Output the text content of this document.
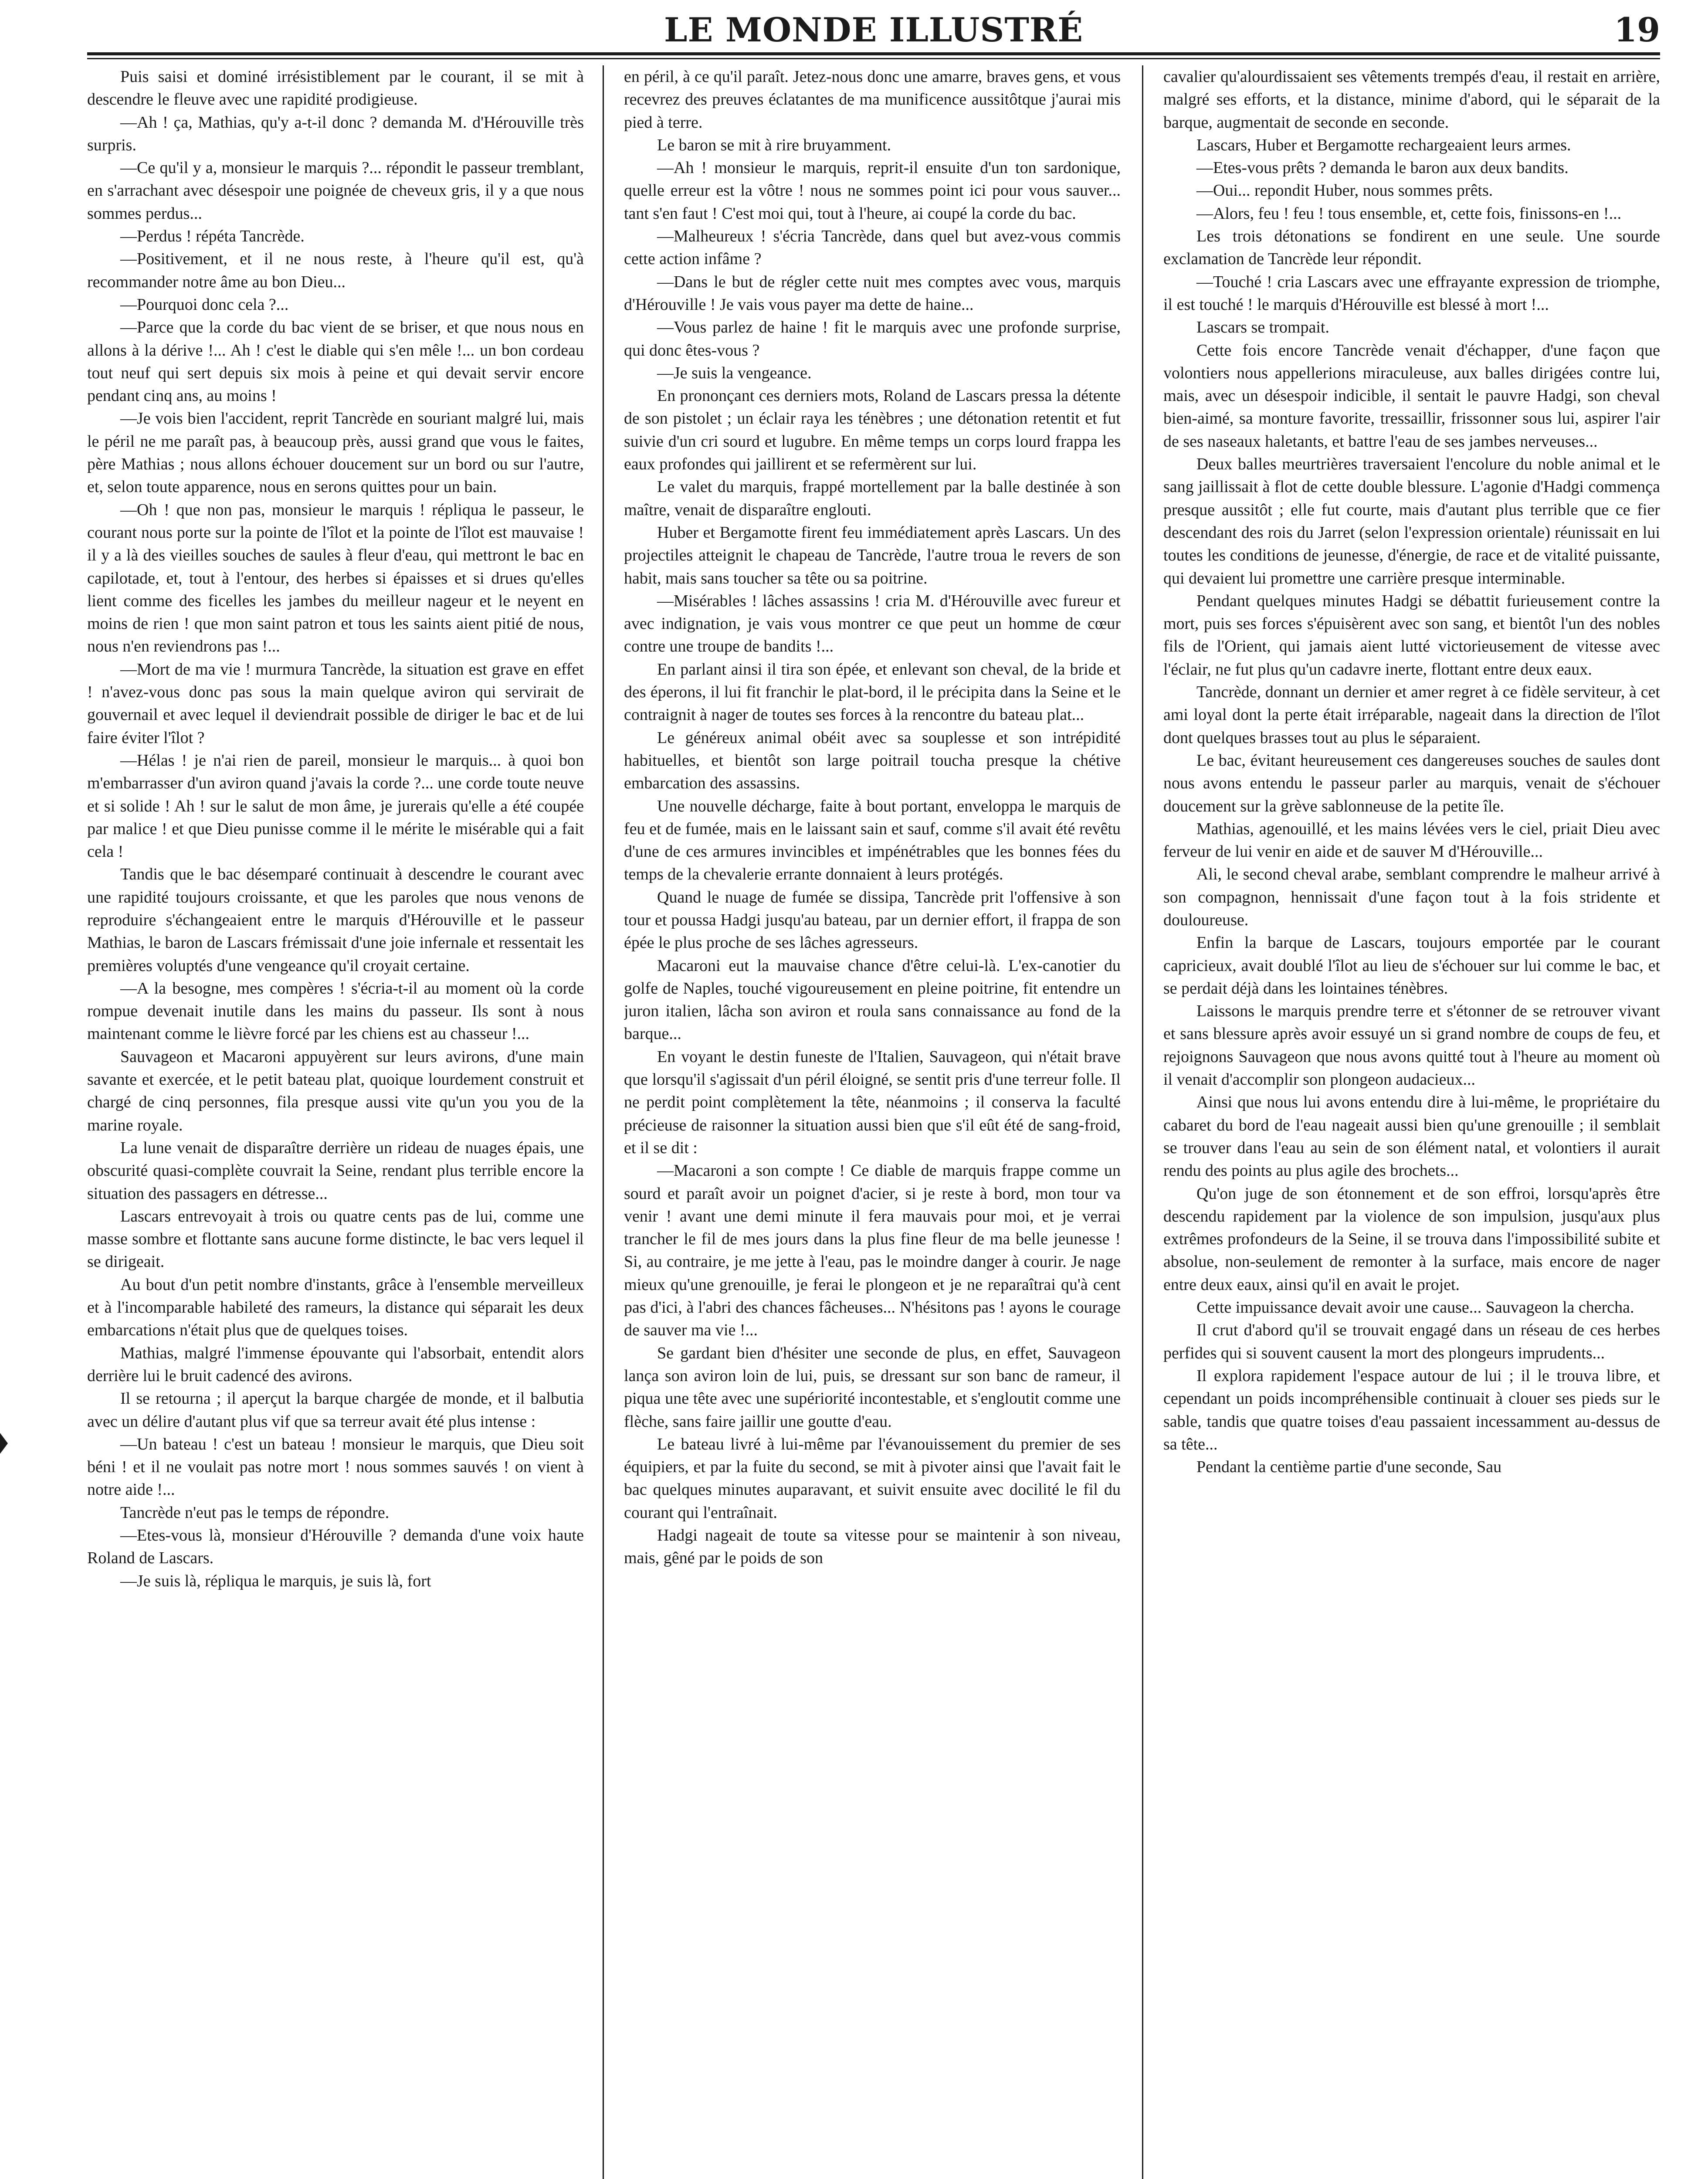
LE MONDE ILLUSTRÉ	19

Puis saisi et dominé irrésistiblement par le courant, il se mit à descendre le fleuve avec une rapidité prodigieuse.

—Ah ! ça, Mathias, qu'y a-t-il donc ? demanda M. d'Hérouville très surpris.

—Ce qu'il y a, monsieur le marquis ?... répondit le passeur tremblant, en s'arrachant avec désespoir une poignée de cheveux gris, il y a que nous sommes perdus...

—Perdus ! répéta Tancrède.

—Positivement, et il ne nous reste, à l'heure qu'il est, qu'à recommander notre âme au bon Dieu...

—Pourquoi donc cela ?...

—Parce que la corde du bac vient de se briser, et que nous nous en allons à la dérive !... Ah ! c'est le diable qui s'en mêle !... un bon cordeau tout neuf qui sert depuis six mois à peine et qui devait servir encore pendant cinq ans, au moins !

—Je vois bien l'accident, reprit Tancrède en souriant malgré lui, mais le péril ne me paraît pas, à beaucoup près, aussi grand que vous le faites, père Mathias ; nous allons échouer doucement sur un bord ou sur l'autre, et, selon toute apparence, nous en serons quittes pour un bain.

—Oh ! que non pas, monsieur le marquis ! répliqua le passeur, le courant nous porte sur la pointe de l'îlot et la pointe de l'îlot est mauvaise ! il y a là des vieilles souches de saules à fleur d'eau, qui mettront le bac en capilotade, et, tout à l'entour, des herbes si épaisses et si drues qu'elles lient comme des ficelles les jambes du meilleur nageur et le neyent en moins de rien ! que mon saint patron et tous les saints aient pitié de nous, nous n'en reviendrons pas !...

—Mort de ma vie ! murmura Tancrède, la situation est grave en effet ! n'avez-vous donc pas sous la main quelque aviron qui servirait de gouvernail et avec lequel il deviendrait possible de diriger le bac et de lui faire éviter l'îlot ?

—Hélas ! je n'ai rien de pareil, monsieur le marquis... à quoi bon m'embarrasser d'un aviron quand j'avais la corde ?... une corde toute neuve et si solide ! Ah ! sur le salut de mon âme, je jurerais qu'elle a été coupée par malice ! et que Dieu punisse comme il le mérite le misérable qui a fait cela !

Tandis que le bac désemparé continuait à descendre le courant avec une rapidité toujours croissante, et que les paroles que nous venons de reproduire s'échangeaient entre le marquis d'Hérouville et le passeur Mathias, le baron de Lascars frémissait d'une joie infernale et ressentait les premières voluptés d'une vengeance qu'il croyait certaine.

—A la besogne, mes compères ! s'écria-t-il au moment où la corde rompue devenait inutile dans les mains du passeur. Ils sont à nous maintenant comme le lièvre forcé par les chiens est au chasseur !...

Sauvageon et Macaroni appuyèrent sur leurs avirons, d'une main savante et exercée, et le petit bateau plat, quoique lourdement construit et chargé de cinq personnes, fila presque aussi vite qu'un you you de la marine royale.

La lune venait de disparaître derrière un rideau de nuages épais, une obscurité quasi-complète couvrait la Seine, rendant plus terrible encore la situation des passagers en détresse...

Lascars entrevoyait à trois ou quatre cents pas de lui, comme une masse sombre et flottante sans aucune forme distincte, le bac vers lequel il se dirigeait.

Au bout d'un petit nombre d'instants, grâce à l'ensemble merveilleux et à l'incomparable habileté des rameurs, la distance qui séparait les deux embarcations n'était plus que de quelques toises.

Mathias, malgré l'immense épouvante qui l'absorbait, entendit alors derrière lui le bruit cadencé des avirons.

Il se retourna ; il aperçut la barque chargée de monde, et il balbutia avec un délire d'autant plus vif que sa terreur avait été plus intense :

—Un bateau ! c'est un bateau ! monsieur le marquis, que Dieu soit béni ! et il ne voulait pas notre mort ! nous sommes sauvés ! on vient à notre aide !...

Tancrède n'eut pas le temps de répondre.

—Etes-vous là, monsieur d'Hérouville ? demanda d'une voix haute Roland de Lascars.

—Je suis là, répliqua le marquis, je suis là, fort

en péril, à ce qu'il paraît. Jetez-nous donc une amarre, braves gens, et vous recevrez des preuves éclatantes de ma munificence aussitôtque j'aurai mis pied à terre.

Le baron se mit à rire bruyamment.

—Ah ! monsieur le marquis, reprit-il ensuite d'un ton sardonique, quelle erreur est la vôtre ! nous ne sommes point ici pour vous sauver... tant s'en faut ! C'est moi qui, tout à l'heure, ai coupé la corde du bac.

—Malheureux ! s'écria Tancrède, dans quel but avez-vous commis cette action infâme ?

—Dans le but de régler cette nuit mes comptes avec vous, marquis d'Hérouville ! Je vais vous payer ma dette de haine...

—Vous parlez de haine ! fit le marquis avec une profonde surprise, qui donc êtes-vous ?

—Je suis la vengeance.

En prononçant ces derniers mots, Roland de Lascars pressa la détente de son pistolet ; un éclair raya les ténèbres ; une détonation retentit et fut suivie d'un cri sourd et lugubre. En même temps un corps lourd frappa les eaux profondes qui jaillirent et se refermèrent sur lui.

Le valet du marquis, frappé mortellement par la balle destinée à son maître, venait de disparaître englouti.

Huber et Bergamotte firent feu immédiatement après Lascars. Un des projectiles atteignit le chapeau de Tancrède, l'autre troua le revers de son habit, mais sans toucher sa tête ou sa poitrine.

—Misérables ! lâches assassins ! cria M. d'Hérouville avec fureur et avec indignation, je vais vous montrer ce que peut un homme de cœur contre une troupe de bandits !...

En parlant ainsi il tira son épée, et enlevant son cheval, de la bride et des éperons, il lui fit franchir le plat-bord, il le précipita dans la Seine et le contraignit à nager de toutes ses forces à la rencontre du bateau plat...

Le généreux animal obéit avec sa souplesse et son intrépidité habituelles, et bientôt son large poitrail toucha presque la chétive embarcation des assassins.

Une nouvelle décharge, faite à bout portant, enveloppa le marquis de feu et de fumée, mais en le laissant sain et sauf, comme s'il avait été revêtu d'une de ces armures invincibles et impénétrables que les bonnes fées du temps de la chevalerie errante donnaient à leurs protégés.

Quand le nuage de fumée se dissipa, Tancrède prit l'offensive à son tour et poussa Hadgi jusqu'au bateau, par un dernier effort, il frappa de son épée le plus proche de ses lâches agresseurs.

Macaroni eut la mauvaise chance d'être celui-là. L'ex-canotier du golfe de Naples, touché vigoureusement en pleine poitrine, fit entendre un juron italien, lâcha son aviron et roula sans connaissance au fond de la barque...

En voyant le destin funeste de l'Italien, Sauvageon, qui n'était brave que lorsqu'il s'agissait d'un péril éloigné, se sentit pris d'une terreur folle. Il ne perdit point complètement la tête, néanmoins ; il conserva la faculté précieuse de raisonner la situation aussi bien que s'il eût été de sang-froid, et il se dit :

—Macaroni a son compte ! Ce diable de marquis frappe comme un sourd et paraît avoir un poignet d'acier, si je reste à bord, mon tour va venir ! avant une demi minute il fera mauvais pour moi, et je verrai trancher le fil de mes jours dans la plus fine fleur de ma belle jeunesse ! Si, au contraire, je me jette à l'eau, pas le moindre danger à courir. Je nage mieux qu'une grenouille, je ferai le plongeon et je ne reparaîtrai qu'à cent pas d'ici, à l'abri des chances fâcheuses... N'hésitons pas ! ayons le courage de sauver ma vie !...

Se gardant bien d'hésiter une seconde de plus, en effet, Sauvageon lança son aviron loin de lui, puis, se dressant sur son banc de rameur, il piqua une tête avec une supériorité incontestable, et s'engloutit comme une flèche, sans faire jaillir une goutte d'eau.

Le bateau livré à lui-même par l'évanouissement du premier de ses équipiers, et par la fuite du second, se mit à pivoter ainsi que l'avait fait le bac quelques minutes auparavant, et suivit ensuite avec docilité le fil du courant qui l'entraînait.

Hadgi nageait de toute sa vitesse pour se maintenir à son niveau, mais, gêné par le poids de son

cavalier qu'alourdissaient ses vêtements trempés d'eau, il restait en arrière, malgré ses efforts, et la distance, minime d'abord, qui le séparait de la barque, augmentait de seconde en seconde.

Lascars, Huber et Bergamotte rechargeaient leurs armes.

—Etes-vous prêts ? demanda le baron aux deux bandits.

—Oui... repondit Huber, nous sommes prêts.

—Alors, feu ! feu ! tous ensemble, et, cette fois, finissons-en !...

Les trois détonations se fondirent en une seule. Une sourde exclamation de Tancrède leur répondit.

—Touché ! cria Lascars avec une effrayante expression de triomphe, il est touché ! le marquis d'Hérouville est blessé à mort !...

Lascars se trompait.

Cette fois encore Tancrède venait d'échapper, d'une façon que volontiers nous appellerions miraculeuse, aux balles dirigées contre lui, mais, avec un désespoir indicible, il sentait le pauvre Hadgi, son cheval bien-aimé, sa monture favorite, tressaillir, frissonner sous lui, aspirer l'air de ses naseaux haletants, et battre l'eau de ses jambes nerveuses...

Deux balles meurtrières traversaient l'encolure du noble animal et le sang jaillissait à flot de cette double blessure. L'agonie d'Hadgi commença presque aussitôt ; elle fut courte, mais d'autant plus terrible que ce fier descendant des rois du Jarret (selon l'expression orientale) réunissait en lui toutes les conditions de jeunesse, d'énergie, de race et de vitalité puissante, qui devaient lui promettre une carrière presque interminable.

Pendant quelques minutes Hadgi se débattit furieusement contre la mort, puis ses forces s'épuisèrent avec son sang, et bientôt l'un des nobles fils de l'Orient, qui jamais aient lutté victorieusement de vitesse avec l'éclair, ne fut plus qu'un cadavre inerte, flottant entre deux eaux.

Tancrède, donnant un dernier et amer regret à ce fidèle serviteur, à cet ami loyal dont la perte était irréparable, nageait dans la direction de l'îlot dont quelques brasses tout au plus le séparaient.

Le bac, évitant heureusement ces dangereuses souches de saules dont nous avons entendu le passeur parler au marquis, venait de s'échouer doucement sur la grève sablonneuse de la petite île.

Mathias, agenouillé, et les mains lévées vers le ciel, priait Dieu avec ferveur de lui venir en aide et de sauver M d'Hérouville...

Ali, le second cheval arabe, semblant comprendre le malheur arrivé à son compagnon, hennissait d'une façon tout à la fois stridente et douloureuse.

Enfin la barque de Lascars, toujours emportée par le courant capricieux, avait doublé l'îlot au lieu de s'échouer sur lui comme le bac, et se perdait déjà dans les lointaines ténèbres.

Laissons le marquis prendre terre et s'étonner de se retrouver vivant et sans blessure après avoir essuyé un si grand nombre de coups de feu, et rejoignons Sauvageon que nous avons quitté tout à l'heure au moment où il venait d'accomplir son plongeon audacieux...

Ainsi que nous lui avons entendu dire à lui-même, le propriétaire du cabaret du bord de l'eau nageait aussi bien qu'une grenouille ; il semblait se trouver dans l'eau au sein de son élément natal, et volontiers il aurait rendu des points au plus agile des brochets...

Qu'on juge de son étonnement et de son effroi, lorsqu'après être descendu rapidement par la violence de son impulsion, jusqu'aux plus extrêmes profondeurs de la Seine, il se trouva dans l'impossibilité subite et absolue, non-seulement de remonter à la surface, mais encore de nager entre deux eaux, ainsi qu'il en avait le projet.

Cette impuissance devait avoir une cause... Sauvageon la chercha.

Il crut d'abord qu'il se trouvait engagé dans un réseau de ces herbes perfides qui si souvent causent la mort des plongeurs imprudents...

Il explora rapidement l'espace autour de lui ; il le trouva libre, et cependant un poids incompréhensible continuait à clouer ses pieds sur le sable, tandis que quatre toises d'eau passaient incessamment au-dessus de sa tête...

Pendant la centième partie d'une seconde, Sau
